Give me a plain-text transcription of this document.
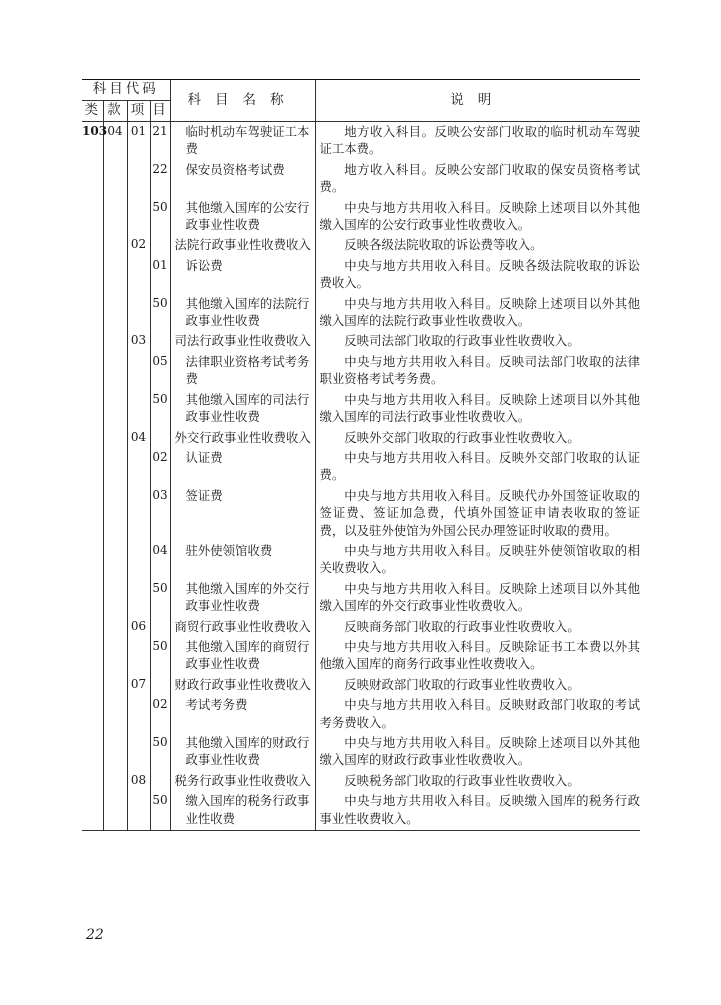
科目代码				科目名称	说明
类	款	项	目		
103	04	01	21	临时机动车驾驶证工本费	地方收入科目。反映公安部门收取的临时机动车驾驶证工本费。
			22	保安员资格考试费	地方收入科目。反映公安部门收取的保安员资格考试费。
			50	其他缴入国库的公安行政事业性收费	中央与地方共用收入科目。反映除上述项目以外其他缴入国库的公安行政事业性收费收入。
		02		法院行政事业性收费收入	反映各级法院收取的诉讼费等收入。
			01	诉讼费	中央与地方共用收入科目。反映各级法院收取的诉讼费收入。
			50	其他缴入国库的法院行政事业性收费	中央与地方共用收入科目。反映除上述项目以外其他缴入国库的法院行政事业性收费收入。
		03		司法行政事业性收费收入	反映司法部门收取的行政事业性收费收入。
			05	法律职业资格考试考务费	中央与地方共用收入科目。反映司法部门收取的法律职业资格考试考务费。
			50	其他缴入国库的司法行政事业性收费	中央与地方共用收入科目。反映除上述项目以外其他缴入国库的司法行政事业性收费收入。
		04		外交行政事业性收费收入	反映外交部门收取的行政事业性收费收入。
			02	认证费	中央与地方共用收入科目。反映外交部门收取的认证费。
			03	签证费	中央与地方共用收入科目。反映代办外国签证收取的签证费、签证加急费，代填外国签证申请表收取的签证费，以及驻外使馆为外国公民办理签证时收取的费用。
			04	驻外使领馆收费	中央与地方共用收入科目。反映驻外使领馆收取的相关收费收入。
			50	其他缴入国库的外交行政事业性收费	中央与地方共用收入科目。反映除上述项目以外其他缴入国库的外交行政事业性收费收入。
		06		商贸行政事业性收费收入	反映商务部门收取的行政事业性收费收入。
			50	其他缴入国库的商贸行政事业性收费	中央与地方共用收入科目。反映除证书工本费以外其他缴入国库的商务行政事业性收费收入。
		07		财政行政事业性收费收入	反映财政部门收取的行政事业性收费收入。
			02	考试考务费	中央与地方共用收入科目。反映财政部门收取的考试考务费收入。
			50	其他缴入国库的财政行政事业性收费	中央与地方共用收入科目。反映除上述项目以外其他缴入国库的财政行政事业性收费收入。
		08		税务行政事业性收费收入	反映税务部门收取的行政事业性收费收入。
			50	缴入国库的税务行政事业性收费	中央与地方共用收入科目。反映缴入国库的税务行政事业性收费收入。
22
